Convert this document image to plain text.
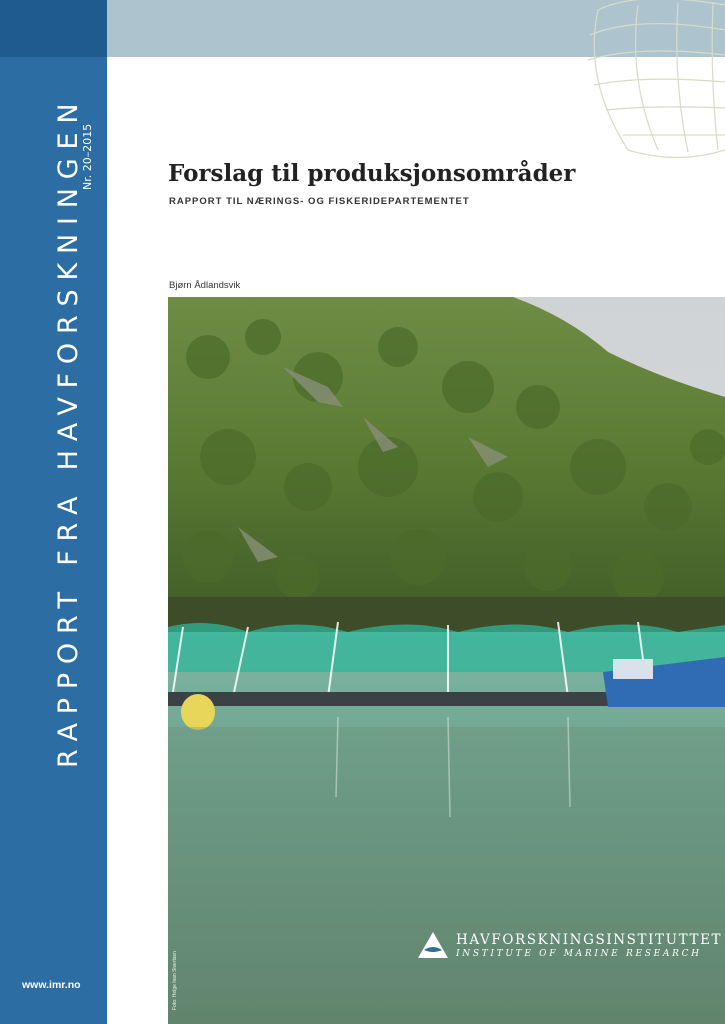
RAPPORT FRA HAVFORSKNINGEN
Nr. 20–2015
www.imr.no
Forslag til produksjonsområder
RAPPORT TIL NÆRINGS- OG FISKERIDEPARTEMENTET
Bjørn Ådlandsvik
Foto: Helge Ivan Sivertsen
HAVFORSKNINGSINSTITUTTET
INSTITUTE OF MARINE RESEARCH
